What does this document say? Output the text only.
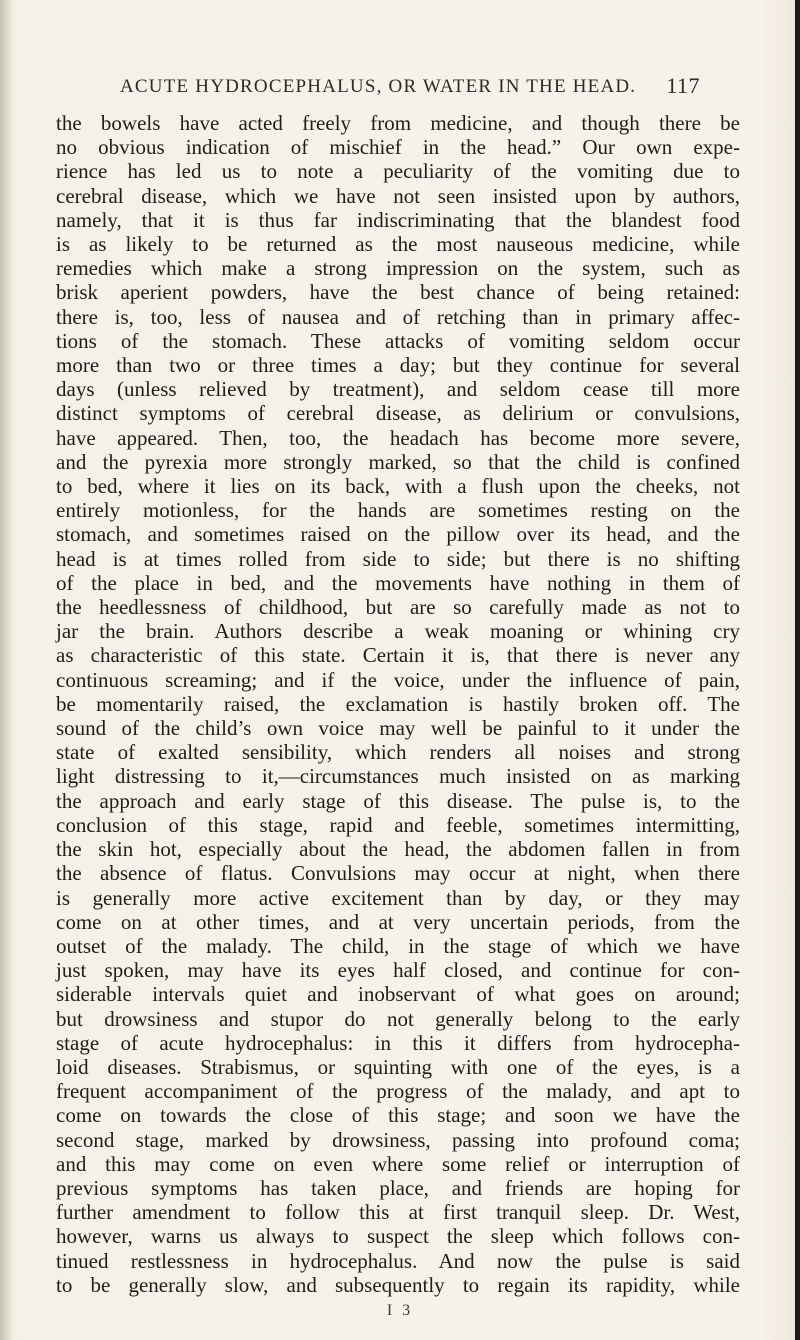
ACUTE HYDROCEPHALUS, OR WATER IN THE HEAD. 117
the bowels have acted freely from medicine, and though there be
no obvious indication of mischief in the head.” Our own expe-
rience has led us to note a peculiarity of the vomiting due to
cerebral disease, which we have not seen insisted upon by authors,
namely, that it is thus far indiscriminating that the blandest food
is as likely to be returned as the most nauseous medicine, while
remedies which make a strong impression on the system, such as
brisk aperient powders, have the best chance of being retained:
there is, too, less of nausea and of retching than in primary affec-
tions of the stomach. These attacks of vomiting seldom occur
more than two or three times a day; but they continue for several
days (unless relieved by treatment), and seldom cease till more
distinct symptoms of cerebral disease, as delirium or convulsions,
have appeared. Then, too, the headach has become more severe,
and the pyrexia more strongly marked, so that the child is confined
to bed, where it lies on its back, with a flush upon the cheeks, not
entirely motionless, for the hands are sometimes resting on the
stomach, and sometimes raised on the pillow over its head, and the
head is at times rolled from side to side; but there is no shifting
of the place in bed, and the movements have nothing in them of
the heedlessness of childhood, but are so carefully made as not to
jar the brain. Authors describe a weak moaning or whining cry
as characteristic of this state. Certain it is, that there is never any
continuous screaming; and if the voice, under the influence of pain,
be momentarily raised, the exclamation is hastily broken off. The
sound of the child’s own voice may well be painful to it under the
state of exalted sensibility, which renders all noises and strong
light distressing to it,—circumstances much insisted on as marking
the approach and early stage of this disease. The pulse is, to the
conclusion of this stage, rapid and feeble, sometimes intermitting,
the skin hot, especially about the head, the abdomen fallen in from
the absence of flatus. Convulsions may occur at night, when there
is generally more active excitement than by day, or they may
come on at other times, and at very uncertain periods, from the
outset of the malady. The child, in the stage of which we have
just spoken, may have its eyes half closed, and continue for con-
siderable intervals quiet and inobservant of what goes on around;
but drowsiness and stupor do not generally belong to the early
stage of acute hydrocephalus: in this it differs from hydrocepha-
loid diseases. Strabismus, or squinting with one of the eyes, is a
frequent accompaniment of the progress of the malady, and apt to
come on towards the close of this stage; and soon we have the
second stage, marked by drowsiness, passing into profound coma;
and this may come on even where some relief or interruption of
previous symptoms has taken place, and friends are hoping for
further amendment to follow this at first tranquil sleep. Dr. West,
however, warns us always to suspect the sleep which follows con-
tinued restlessness in hydrocephalus. And now the pulse is said
to be generally slow, and subsequently to regain its rapidity, while
I 3
